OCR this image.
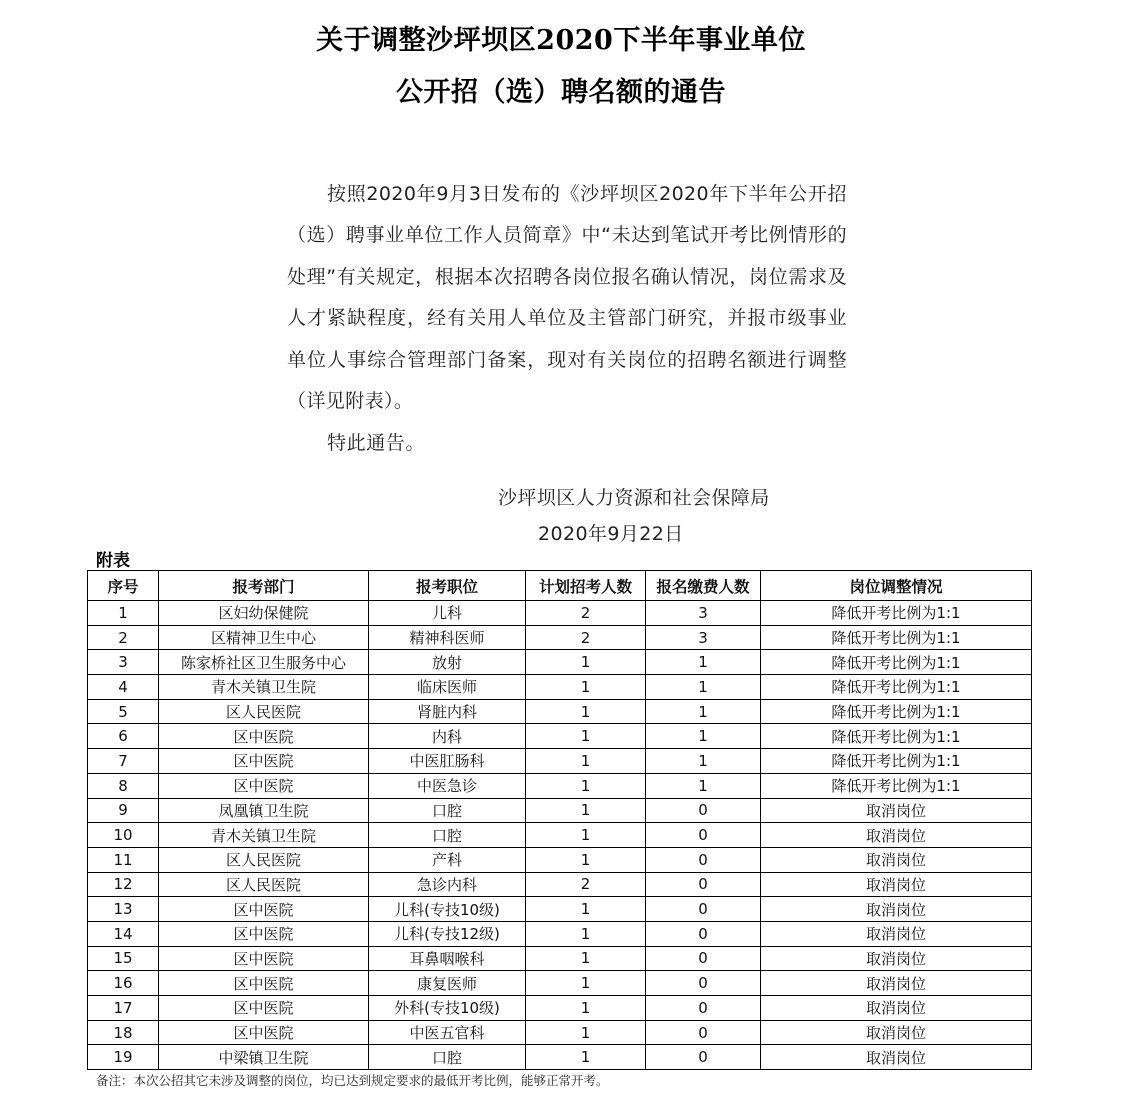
关于调整沙坪坝区2020下半年事业单位
公开招（选）聘名额的通告

按照2020年9月3日发布的《沙坪坝区2020年下半年公开招（选）聘事业单位工作人员简章》中“未达到笔试开考比例情形的处理”有关规定，根据本次招聘各岗位报名确认情况，岗位需求及人才紧缺程度，经有关用人单位及主管部门研究，并报市级事业单位人事综合管理部门备案，现对有关岗位的招聘名额进行调整（详见附表）。

特此通告。

沙坪坝区人力资源和社会保障局
2020年9月22日
附表
序号	报考部门	报考职位	计划招考人数	报名缴费人数	岗位调整情况
1	区妇幼保健院	儿科	2	3	降低开考比例为1:1
2	区精神卫生中心	精神科医师	2	3	降低开考比例为1:1
3	陈家桥社区卫生服务中心	放射	1	1	降低开考比例为1:1
4	青木关镇卫生院	临床医师	1	1	降低开考比例为1:1
5	区人民医院	肾脏内科	1	1	降低开考比例为1:1
6	区中医院	内科	1	1	降低开考比例为1:1
7	区中医院	中医肛肠科	1	1	降低开考比例为1:1
8	区中医院	中医急诊	1	1	降低开考比例为1:1
9	凤凰镇卫生院	口腔	1	0	取消岗位
10	青木关镇卫生院	口腔	1	0	取消岗位
11	区人民医院	产科	1	0	取消岗位
12	区人民医院	急诊内科	2	0	取消岗位
13	区中医院	儿科(专技10级)	1	0	取消岗位
14	区中医院	儿科(专技12级)	1	0	取消岗位
15	区中医院	耳鼻咽喉科	1	0	取消岗位
16	区中医院	康复医师	1	0	取消岗位
17	区中医院	外科(专技10级)	1	0	取消岗位
18	区中医院	中医五官科	1	0	取消岗位
19	中梁镇卫生院	口腔	1	0	取消岗位
备注：本次公招其它未涉及调整的岗位，均已达到规定要求的最低开考比例，能够正常开考。
